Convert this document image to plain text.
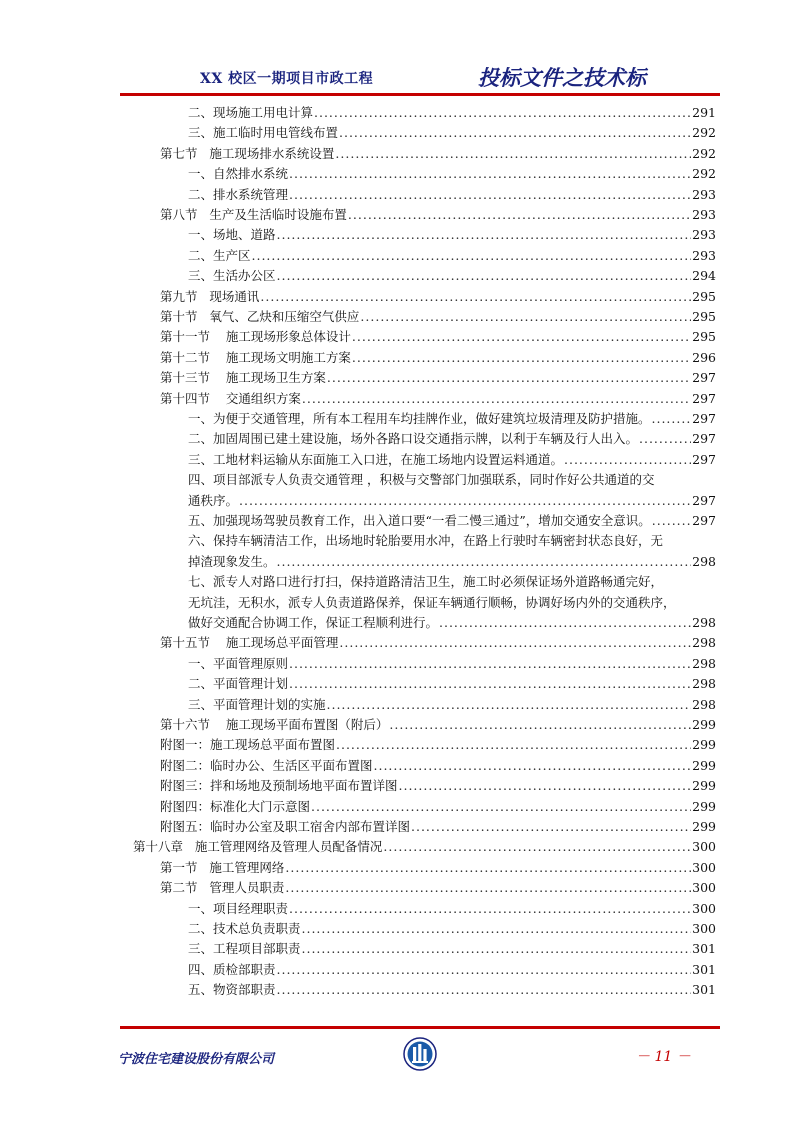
XX 校区一期项目市政工程	投标文件之技术标
二、现场施工用电计算 .....	291
三、施工临时用电管线布置 .....	292
第七节   施工现场排水系统设置 .....	292
一、自然排水系统 .....	292
二、排水系统管理 .....	293
第八节   生产及生活临时设施布置 .....	293
一、场地、道路 .....	293
二、生产区 .....	293
三、生活办公区 .....	294
第九节   现场通讯 .....	295
第十节   氧气、乙炔和压缩空气供应 .....	295
第十一节    施工现场形象总体设计 .....	295
第十二节    施工现场文明施工方案 .....	296
第十三节    施工现场卫生方案 .....	297
第十四节    交通组织方案 .....	297
一、为便于交通管理，所有本工程用车均挂牌作业，做好建筑垃圾清理及防护措施。 .....	297
二、加固周围已建土建设施，场外各路口设交通指示牌，以利于车辆及行人出入。 .....	297
三、工地材料运输从东面施工入口进，在施工场地内设置运料通道。 .....	297
四、项目部派专人负责交通管理 ，积极与交警部门加强联系，同时作好公共通道的交
通秩序。 .....	297
五、加强现场驾驶员教育工作，出入道口要“一看二慢三通过”，增加交通安全意识。 .....	297
六、保持车辆清洁工作，出场地时轮胎要用水冲，在路上行驶时车辆密封状态良好，无
掉渣现象发生。 .....	298
七、派专人对路口进行打扫，保持道路清洁卫生，施工时必须保证场外道路畅通完好，
无坑洼，无积水，派专人负责道路保养，保证车辆通行顺畅，协调好场内外的交通秩序，
做好交通配合协调工作，保证工程顺利进行。 .....	298
第十五节    施工现场总平面管理 .....	298
一、平面管理原则 .....	298
二、平面管理计划 .....	298
三、平面管理计划的实施 .....	298
第十六节    施工现场平面布置图（附后） .....	299
附图一：施工现场总平面布置图 .....	299
附图二：临时办公、生活区平面布置图 .....	299
附图三：拌和场地及预制场地平面布置详图 .....	299
附图四：标准化大门示意图 .....	299
附图五：临时办公室及职工宿舍内部布置详图 .....	299
第十八章   施工管理网络及管理人员配备情况 .....	300
第一节   施工管理网络 .....	300
第二节   管理人员职责 .....	300
一、项目经理职责 .....	300
二、技术总负责职责 .....	300
三、工程项目部职责 .....	301
四、质检部职责 .....	301
五、物资部职责 .....	301
宁波住宅建设股份有限公司	－ 11 －
